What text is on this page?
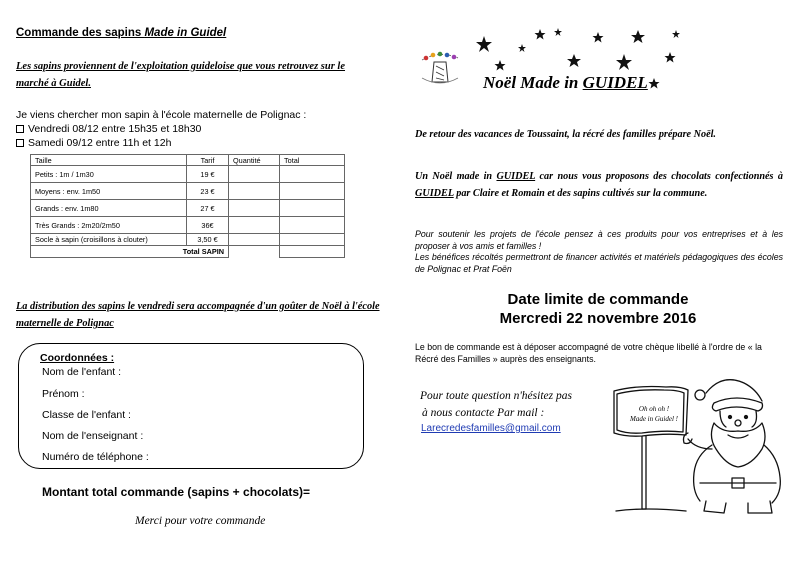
Commande des sapins Made in Guidel
Les sapins proviennent de l'exploitation guideloise que vous retrouvez sur le marché à Guidel.
Je viens chercher mon sapin à l'école maternelle de Polignac :
Vendredi 08/12 entre 15h35 et 18h30
Samedi 09/12 entre 11h et 12h
Taille	Tarif	Quantité	Total
Petits : 1m / 1m30	19 €		
Moyens : env. 1m50	23 €		
Grands : env. 1m80	27 €		
Très Grands : 2m20/2m50	36€		
Socle à sapin (croisillons à clouter)	3,50 €		
Total SAPIN			
La distribution des sapins le vendredi sera accompagnée d'un goûter de Noël à l'école maternelle de Polignac
Coordonnées :
Nom de l'enfant :
Prénom :
Classe de l'enfant :
Nom de l'enseignant :
Numéro de téléphone :
Montant total commande (sapins + chocolats)=
Merci pour votre commande
Noël Made in GUIDEL
De retour des vacances de Toussaint, la récré des familles prépare Noël.
Un Noël made in GUIDEL car nous vous proposons des chocolats confectionnés à GUIDEL par Claire et Romain et des sapins cultivés sur la commune.
Pour soutenir les projets de l'école pensez à ces produits pour vos entreprises et à les proposer à vos amis et familles !
Les bénéfices récoltés permettront de financer activités et matériels pédagogiques des écoles de Polignac et Prat Foën
Date limite de commande
Mercredi 22 novembre 2016
Le bon de commande est à déposer accompagné de votre chèque libellé à l'ordre de « la Récré des Familles » auprès des enseignants.
Pour toute question n'hésitez pas
à nous contacte Par mail :
Larecredesfamilles@gmail.com
Oh oh oh !
Made in Guidel !
